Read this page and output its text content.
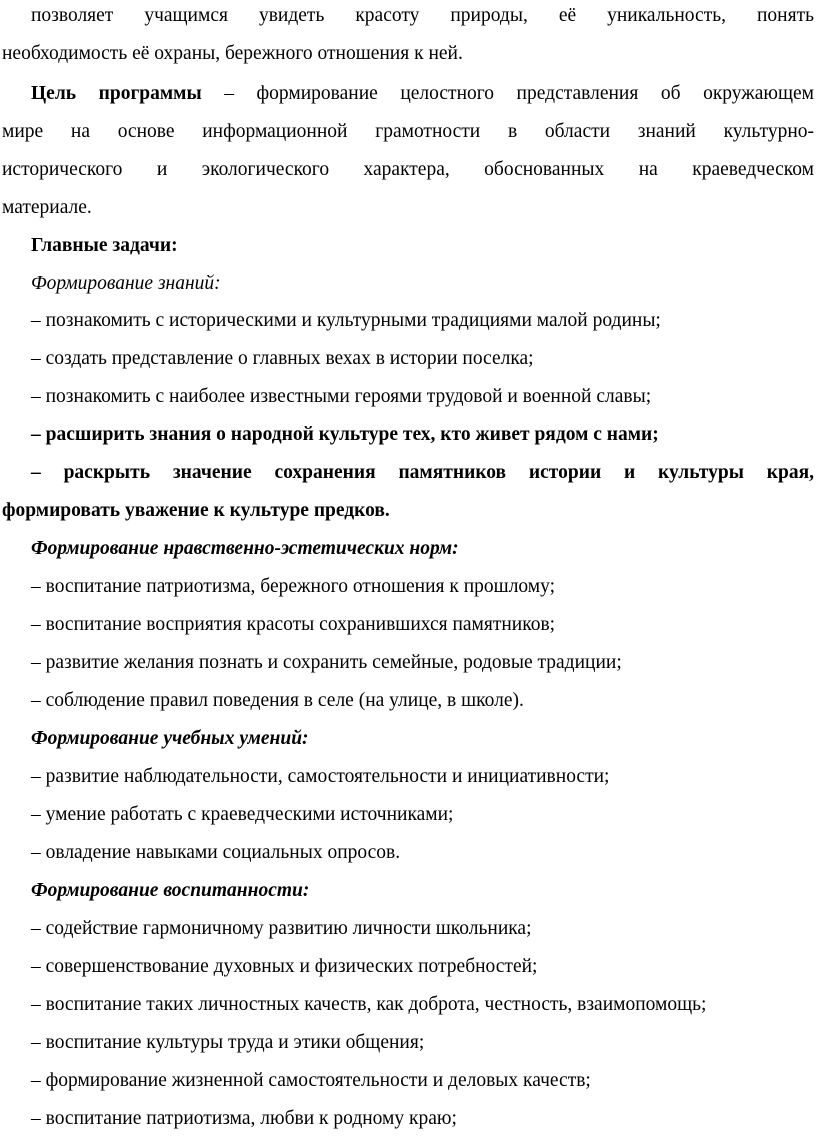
позволяет учащимся увидеть красоту природы, её уникальность, понять
необходимость её охраны, бережного отношения к ней.
Цель программы – формирование целостного представления об окружающем
мире на основе информационной грамотности в области знаний культурно-
исторического и экологического характера, обоснованных на краеведческом
материале.
Главные задачи:
Формирование знаний:
– познакомить с историческими и культурными традициями малой родины;
– создать представление о главных вехах в истории поселка;
– познакомить с наиболее известными героями трудовой и военной славы;
– расширить знания о народной культуре тех, кто живет рядом с нами;
– раскрыть значение сохранения памятников истории и культуры края,
формировать уважение к культуре предков.
Формирование нравственно-эстетических норм:
– воспитание патриотизма, бережного отношения к прошлому;
– воспитание восприятия красоты сохранившихся памятников;
– развитие желания познать и сохранить семейные, родовые традиции;
– соблюдение правил поведения в селе (на улице, в школе).
Формирование учебных умений:
– развитие наблюдательности, самостоятельности и инициативности;
– умение работать с краеведческими источниками;
– овладение навыками социальных опросов.
Формирование воспитанности:
– содействие гармоничному развитию личности школьника;
– совершенствование духовных и физических потребностей;
– воспитание таких личностных качеств, как доброта, честность, взаимопомощь;
– воспитание культуры труда и этики общения;
– формирование жизненной самостоятельности и деловых качеств;
– воспитание патриотизма, любви к родному краю;
